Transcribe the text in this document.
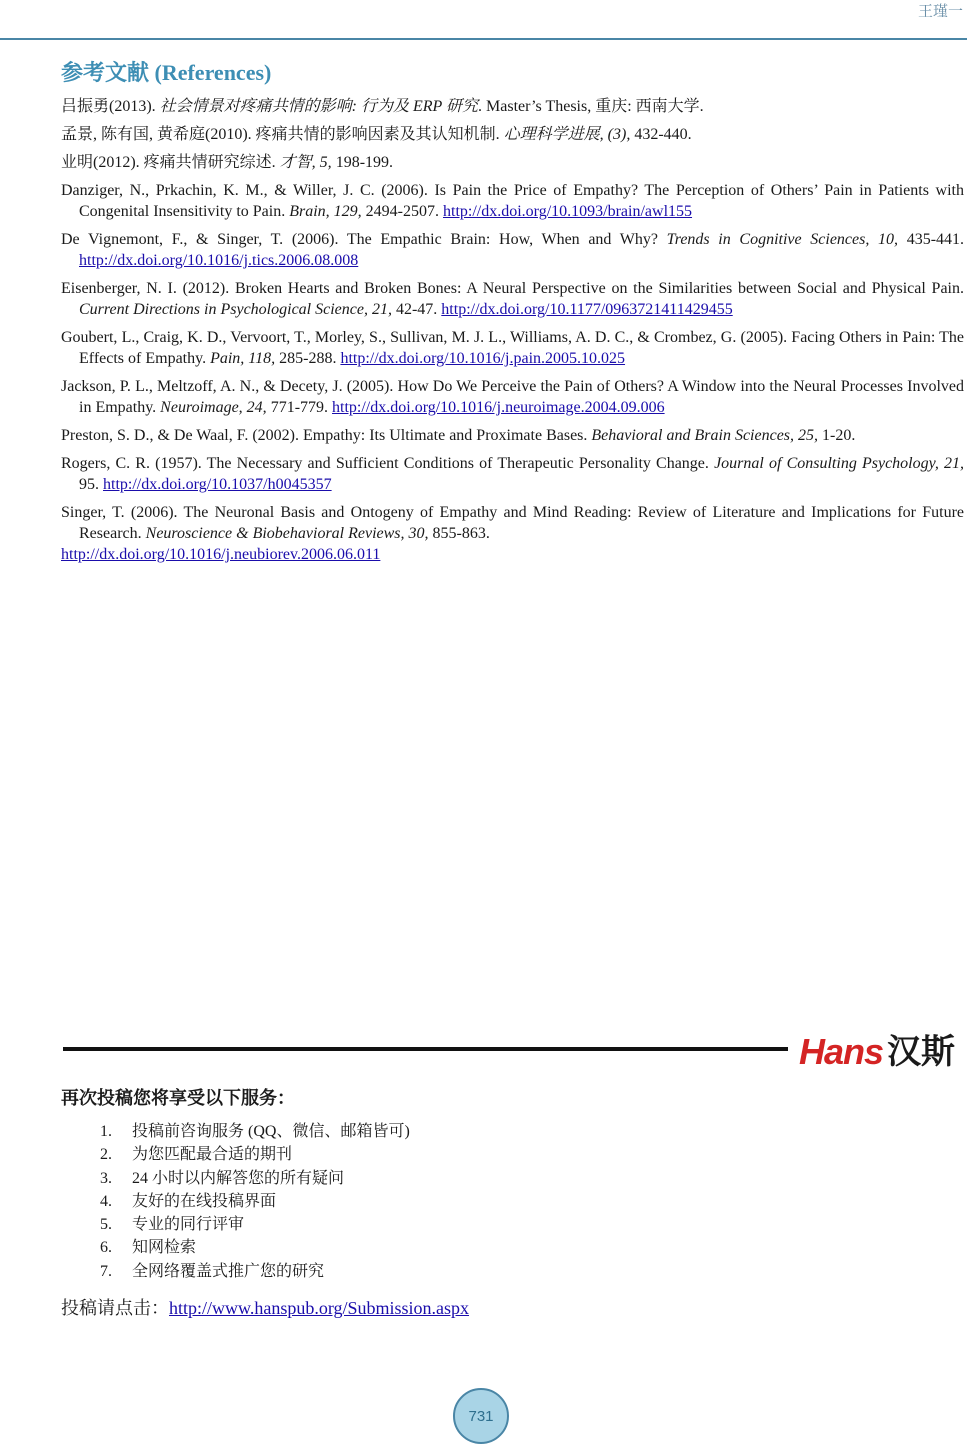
王瑾一
参考文献 (References)

吕振勇(2013). 社会情景对疼痛共情的影响: 行为及 ERP 研究. Master’s Thesis, 重庆: 西南大学.

孟景, 陈有国, 黄希庭(2010). 疼痛共情的影响因素及其认知机制. 心理科学进展, (3), 432-440.

业明(2012). 疼痛共情研究综述. 才智, 5, 198-199.

Danziger, N., Prkachin, K. M., & Willer, J. C. (2006). Is Pain the Price of Empathy? The Perception of Others’ Pain in Patients with Congenital Insensitivity to Pain. Brain, 129, 2494-2507. http://dx.doi.org/10.1093/brain/awl155

De Vignemont, F., & Singer, T. (2006). The Empathic Brain: How, When and Why? Trends in Cognitive Sciences, 10, 435-441. http://dx.doi.org/10.1016/j.tics.2006.08.008

Eisenberger, N. I. (2012). Broken Hearts and Broken Bones: A Neural Perspective on the Similarities between Social and Physical Pain. Current Directions in Psychological Science, 21, 42-47. http://dx.doi.org/10.1177/0963721411429455

Goubert, L., Craig, K. D., Vervoort, T., Morley, S., Sullivan, M. J. L., Williams, A. D. C., & Crombez, G. (2005). Facing Others in Pain: The Effects of Empathy. Pain, 118, 285-288. http://dx.doi.org/10.1016/j.pain.2005.10.025

Jackson, P. L., Meltzoff, A. N., & Decety, J. (2005). How Do We Perceive the Pain of Others? A Window into the Neural Processes Involved in Empathy. Neuroimage, 24, 771-779. http://dx.doi.org/10.1016/j.neuroimage.2004.09.006

Preston, S. D., & De Waal, F. (2002). Empathy: Its Ultimate and Proximate Bases. Behavioral and Brain Sciences, 25, 1-20.

Rogers, C. R. (1957). The Necessary and Sufficient Conditions of Therapeutic Personality Change. Journal of Consulting Psychology, 21, 95. http://dx.doi.org/10.1037/h0045357

Singer, T. (2006). The Neuronal Basis and Ontogeny of Empathy and Mind Reading: Review of Literature and Implications for Future Research. Neuroscience & Biobehavioral Reviews, 30, 855-863.
http://dx.doi.org/10.1016/j.neubiorev.2006.06.011

Hans 汉斯
再次投稿您将享受以下服务：
1. 投稿前咨询服务 (QQ、微信、邮箱皆可)
2. 为您匹配最合适的期刊
3. 24 小时以内解答您的所有疑问
4. 友好的在线投稿界面
5. 专业的同行评审
6. 知网检索
7. 全网络覆盖式推广您的研究
投稿请点击：http://www.hanspub.org/Submission.aspx
731
